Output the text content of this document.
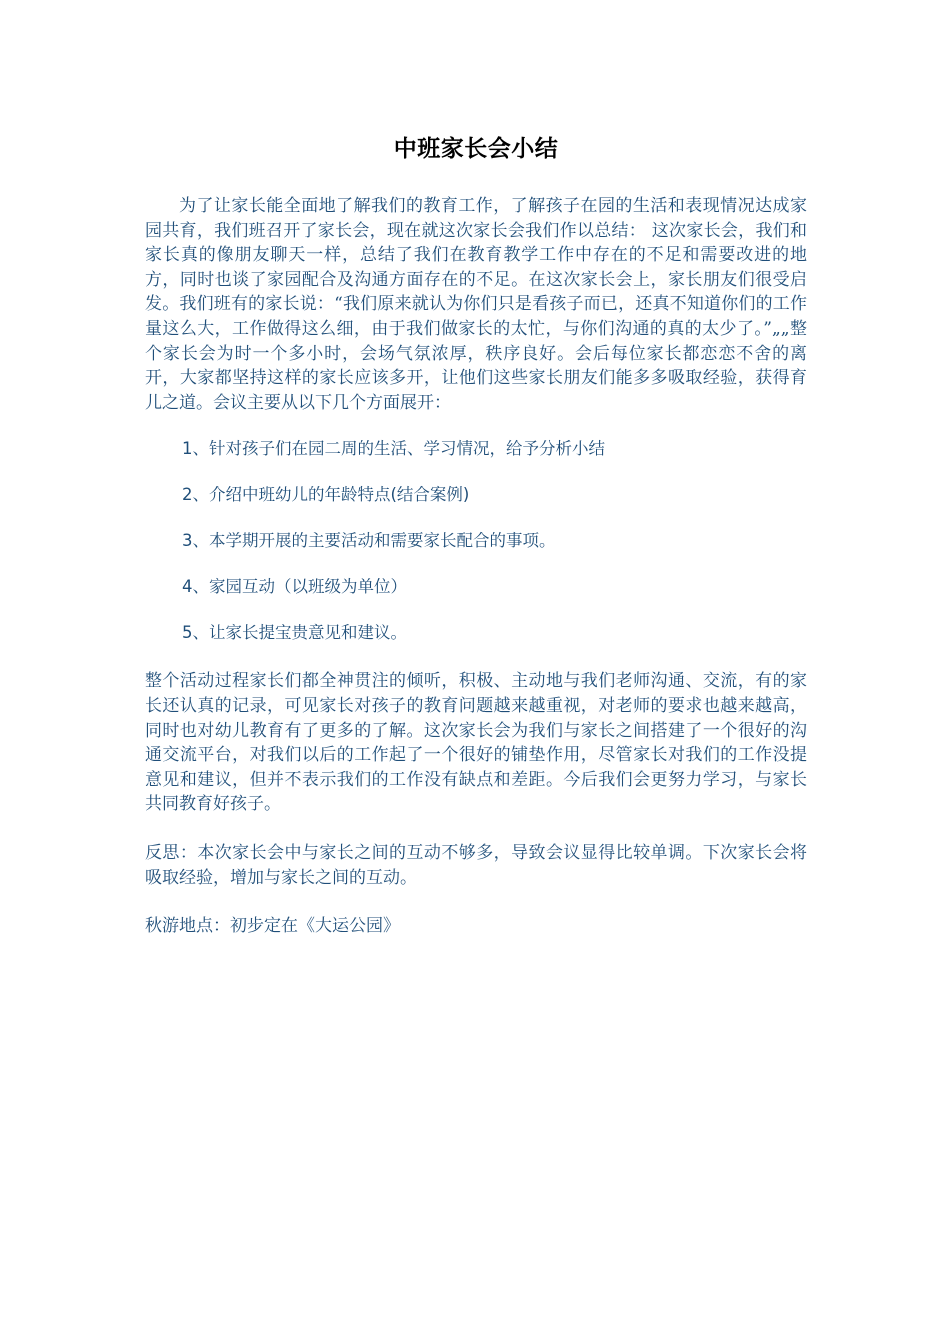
中班家长会小结

为了让家长能全面地了解我们的教育工作，了解孩子在园的生活和表现情况达成家园共育，我们班召开了家长会，现在就这次家长会我们作以总结： 这次家长会，我们和家长真的像朋友聊天一样，总结了我们在教育教学工作中存在的不足和需要改进的地方，同时也谈了家园配合及沟通方面存在的不足。在这次家长会上，家长朋友们很受启发。我们班有的家长说：“我们原来就认为你们只是看孩子而已，还真不知道你们的工作量这么大，工作做得这么细，由于我们做家长的太忙，与你们沟通的真的太少了。”„„整个家长会为时一个多小时，会场气氛浓厚，秩序良好。会后每位家长都恋恋不舍的离开，大家都坚持这样的家长应该多开，让他们这些家长朋友们能多多吸取经验，获得育儿之道。会议主要从以下几个方面展开：

1、针对孩子们在园二周的生活、学习情况，给予分析小结
2、介绍中班幼儿的年龄特点(结合案例)
3、本学期开展的主要活动和需要家长配合的事项。
4、家园互动（以班级为单位）
5、让家长提宝贵意见和建议。

整个活动过程家长们都全神贯注的倾听，积极、主动地与我们老师沟通、交流，有的家长还认真的记录，可见家长对孩子的教育问题越来越重视，对老师的要求也越来越高，同时也对幼儿教育有了更多的了解。这次家长会为我们与家长之间搭建了一个很好的沟通交流平台，对我们以后的工作起了一个很好的铺垫作用，尽管家长对我们的工作没提意见和建议，但并不表示我们的工作没有缺点和差距。今后我们会更努力学习，与家长共同教育好孩子。

反思：本次家长会中与家长之间的互动不够多，导致会议显得比较单调。下次家长会将吸取经验，增加与家长之间的互动。

秋游地点：初步定在《大运公园》
